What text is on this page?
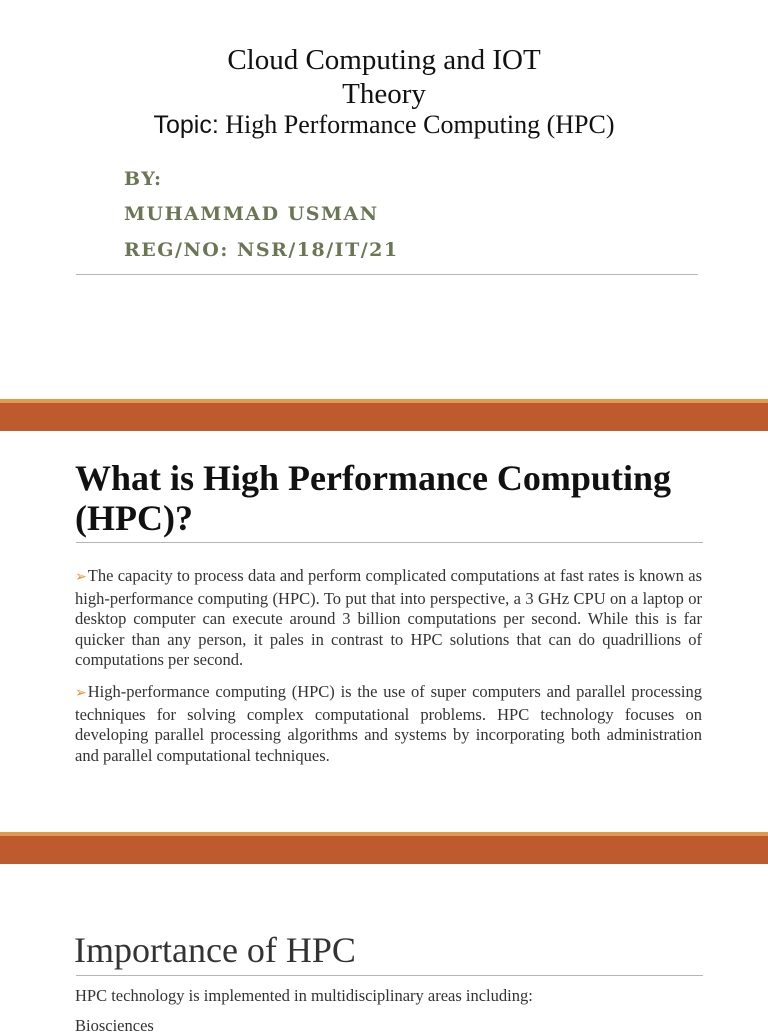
Cloud Computing and IOT
Theory
Topic: High Performance Computing (HPC)
BY:
MUHAMMAD USMAN
REG/NO: NSR/18/IT/21
What is High Performance Computing (HPC)?
➢The capacity to process data and perform complicated computations at fast rates is known as high-performance computing (HPC). To put that into perspective, a 3 GHz CPU on a laptop or desktop computer can execute around 3 billion computations per second. While this is far quicker than any person, it pales in contrast to HPC solutions that can do quadrillions of computations per second.
➢High-performance computing (HPC) is the use of super computers and parallel processing techniques for solving complex computational problems. HPC technology focuses on developing parallel processing algorithms and systems by incorporating both administration and parallel computational techniques.
Importance of HPC
HPC technology is implemented in multidisciplinary areas including:
Biosciences
